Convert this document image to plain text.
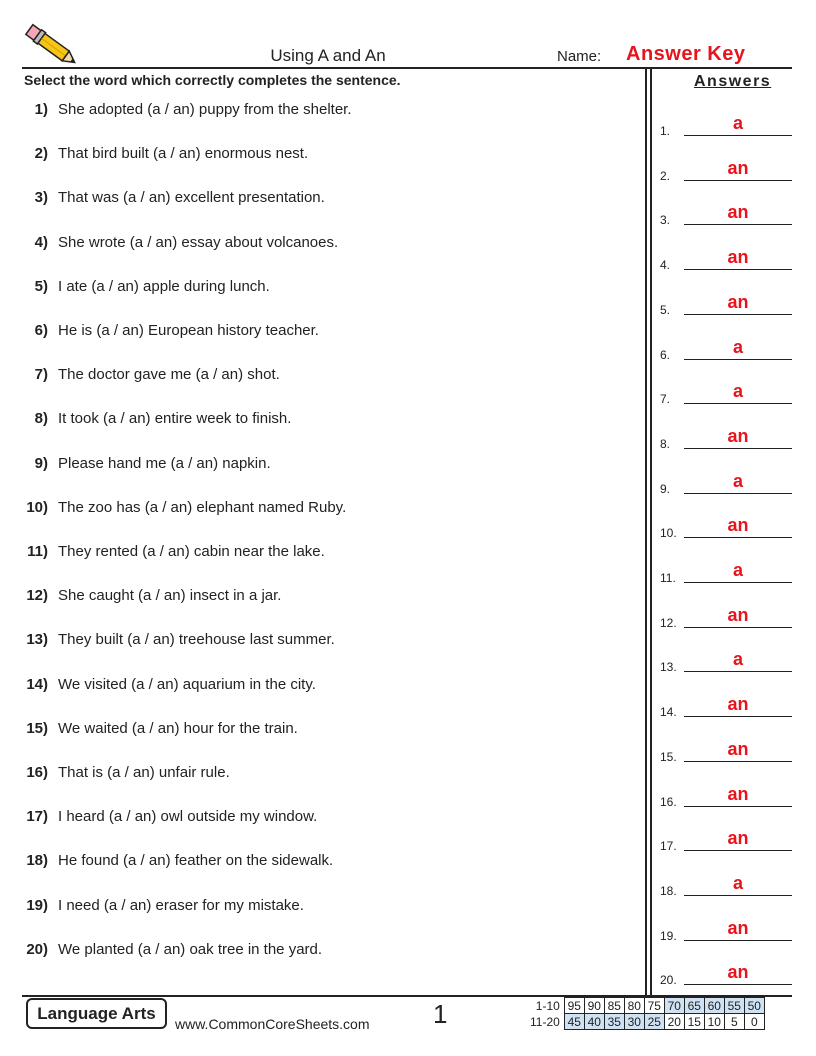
Using A and An	Name: Answer Key
Select the word which correctly completes the sentence.
1) She adopted (a / an) puppy from the shelter.
2) That bird built (a / an) enormous nest.
3) That was (a / an) excellent presentation.
4) She wrote (a / an) essay about volcanoes.
5) I ate (a / an) apple during lunch.
6) He is (a / an) European history teacher.
7) The doctor gave me (a / an) shot.
8) It took (a / an) entire week to finish.
9) Please hand me (a / an) napkin.
10) The zoo has (a / an) elephant named Ruby.
11) They rented (a / an) cabin near the lake.
12) She caught (a / an) insect in a jar.
13) They built (a / an) treehouse last summer.
14) We visited (a / an) aquarium in the city.
15) We waited (a / an) hour for the train.
16) That is (a / an) unfair rule.
17) I heard (a / an) owl outside my window.
18) He found (a / an) feather on the sidewalk.
19) I need (a / an) eraser for my mistake.
20) We planted (a / an) oak tree in the yard.
Answers
1.	a
2.	an
3.	an
4.	an
5.	an
6.	a
7.	a
8.	an
9.	a
10.	an
11.	a
12.	an
13.	a
14.	an
15.	an
16.	an
17.	an
18.	a
19.	an
20.	an
Language Arts
www.CommonCoreSheets.com 1	1-10	95	90	85	80	75	70	65	60	55	50
11-20	45	40	35	30	25	20	15	10	5	0
